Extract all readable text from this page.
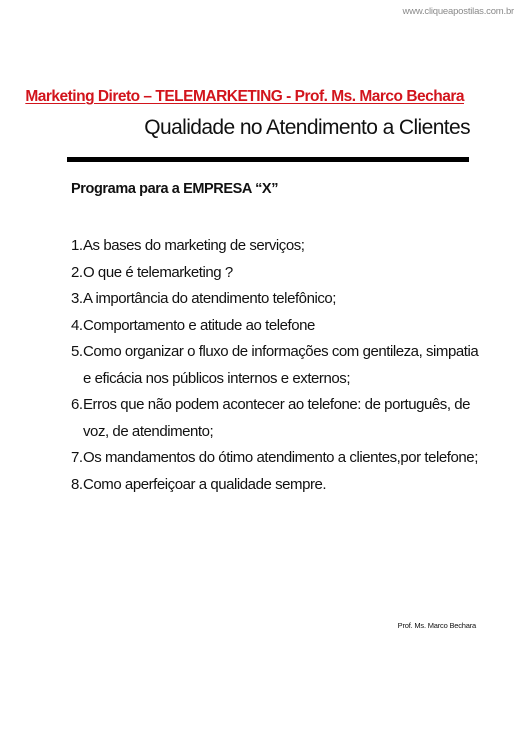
www.cliqueapostilas.com.br
Marketing Direto – TELEMARKETING - Prof. Ms. Marco Bechara
Qualidade no Atendimento a Clientes
Programa para a EMPRESA “X”
1. As bases do marketing de serviços;
2. O que é telemarketing ?
3. A importância do atendimento telefônico;
4. Comportamento e atitude ao telefone
5. Como organizar o fluxo de informações com gentileza, simpatia e eficácia nos públicos internos e externos;
6. Erros que não podem acontecer ao telefone: de português, de voz, de atendimento;
7. Os mandamentos do ótimo atendimento a clientes,por telefone;
8. Como aperfeiçoar a qualidade sempre.
Prof. Ms. Marco Bechara
